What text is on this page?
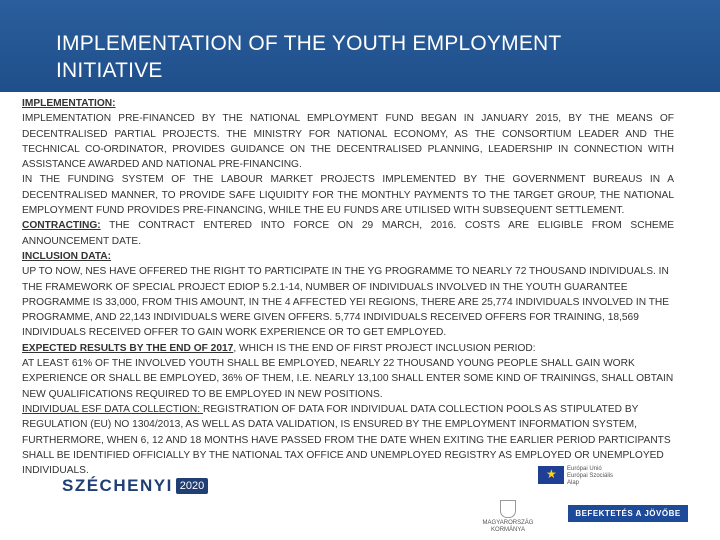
IMPLEMENTATION OF THE YOUTH EMPLOYMENT
INITIATIVE

IMPLEMENTATION:

IMPLEMENTATION PRE-FINANCED BY THE NATIONAL EMPLOYMENT FUND BEGAN IN JANUARY 2015, BY THE MEANS OF DECENTRALISED PARTIAL PROJECTS. THE MINISTRY FOR NATIONAL ECONOMY, AS THE CONSORTIUM LEADER AND THE TECHNICAL CO-ORDINATOR, PROVIDES GUIDANCE ON THE DECENTRALISED PLANNING, LEADERSHIP IN CONNECTION WITH ASSISTANCE AWARDED AND NATIONAL PRE-FINANCING.

IN THE FUNDING SYSTEM OF THE LABOUR MARKET PROJECTS IMPLEMENTED BY THE GOVERNMENT BUREAUS IN A DECENTRALISED MANNER, TO PROVIDE SAFE LIQUIDITY FOR THE MONTHLY PAYMENTS TO THE TARGET GROUP, THE NATIONAL EMPLOYMENT FUND PROVIDES PRE-FINANCING, WHILE THE EU FUNDS ARE UTILISED WITH SUBSEQUENT SETTLEMENT.

CONTRACTING: THE CONTRACT ENTERED INTO FORCE ON 29 MARCH, 2016. COSTS ARE ELIGIBLE FROM SCHEME ANNOUNCEMENT DATE.

INCLUSION DATA:

UP TO NOW, NES HAVE OFFERED THE RIGHT TO PARTICIPATE IN THE YG PROGRAMME TO NEARLY 72 THOUSAND INDIVIDUALS. IN THE FRAMEWORK OF SPECIAL PROJECT EDIOP 5.2.1-14, NUMBER OF INDIVIDUALS INVOLVED IN THE YOUTH GUARANTEE PROGRAMME IS 33,000, FROM THIS AMOUNT, IN THE 4 AFFECTED YEI REGIONS, THERE ARE 25,774 INDIVIDUALS INVOLVED IN THE PROGRAMME, AND 22,143 INDIVIDUALS WERE GIVEN OFFERS. 5,774 INDIVIDUALS RECEIVED OFFERS FOR TRAINING, 18,569 INDIVIDUALS RECEIVED OFFER TO GAIN WORK EXPERIENCE OR TO GET EMPLOYED.

EXPECTED RESULTS BY THE END OF 2017, WHICH IS THE END OF FIRST PROJECT INCLUSION PERIOD:

AT LEAST 61% OF THE INVOLVED YOUTH SHALL BE EMPLOYED, NEARLY 22 THOUSAND YOUNG PEOPLE SHALL GAIN WORK EXPERIENCE OR SHALL BE EMPLOYED, 36% OF THEM, I.E. NEARLY 13,100 SHALL ENTER SOME KIND OF TRAININGS, SHALL OBTAIN NEW QUALIFICATIONS REQUIRED TO BE EMPLOYED IN NEW POSITIONS.

INDIVIDUAL ESF DATA COLLECTION: REGISTRATION OF DATA FOR INDIVIDUAL DATA COLLECTION POOLS AS STIPULATED BY REGULATION (EU) NO 1304/2013, AS WELL AS DATA VALIDATION, IS ENSURED BY THE EMPLOYMENT INFORMATION SYSTEM, FURTHERMORE, WHEN 6, 12 AND 18 MONTHS HAVE PASSED FROM THE DATE WHEN EXITING THE EARLIER PERIOD PARTICIPANTS SHALL BE IDENTIFIED OFFICIALLY BY THE NATIONAL TAX OFFICE AND UNEMPLOYED REGISTRY AS EMPLOYED OR UNEMPLOYED INDIVIDUALS.

SZÉCHENYI 2020
★
Európai Unió
Európai Szociális
Alap
MAGYARORSZÁG
KORMÁNYA
BEFEKTETÉS A JÖVŐBE
